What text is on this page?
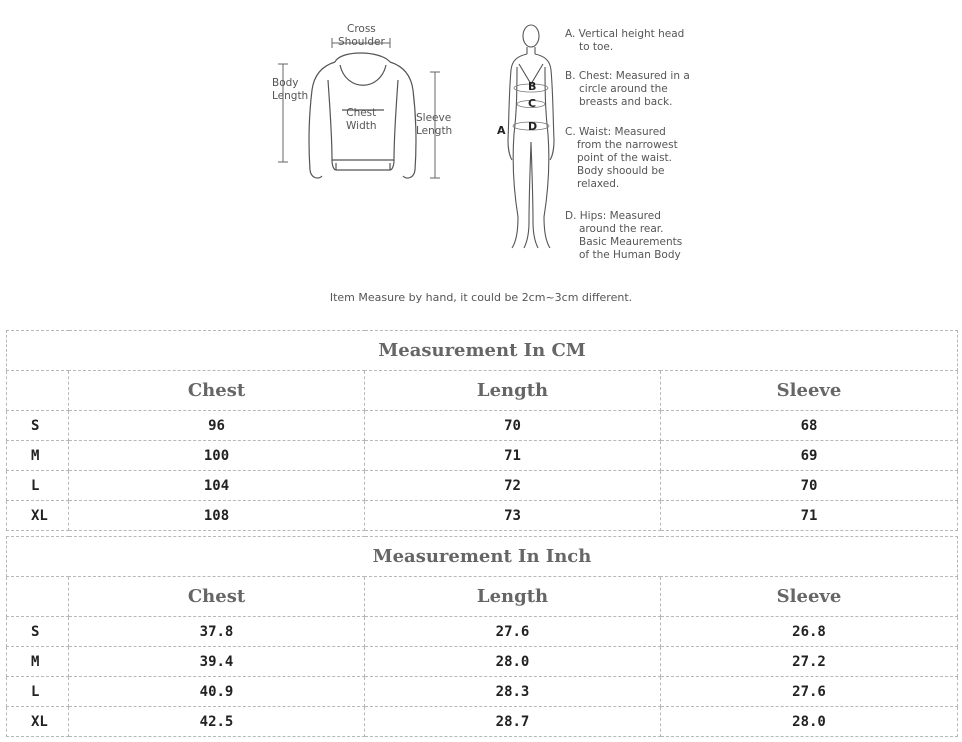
Cross
Shoulder
Body
Length
Chest
Width
Sleeve
Length	A
B
C
D
A. Vertical height head
to toe.
B. Chest: Measured in a
circle around the
breasts and back.
C. Waist: Measured
from the narrowest
point of the waist.
Body shoould be
relaxed.
D. Hips: Measured
around the rear.
Basic Meaurements
of the Human Body
Item Measure by hand, it could be 2cm~3cm different.
Measurement In CM			
	Chest	Length	Sleeve
S	96	70	68
M	100	71	69
L	104	72	70
XL	108	73	71
Measurement In Inch			
	Chest	Length	Sleeve
S	37.8	27.6	26.8
M	39.4	28.0	27.2
L	40.9	28.3	27.6
XL	42.5	28.7	28.0
